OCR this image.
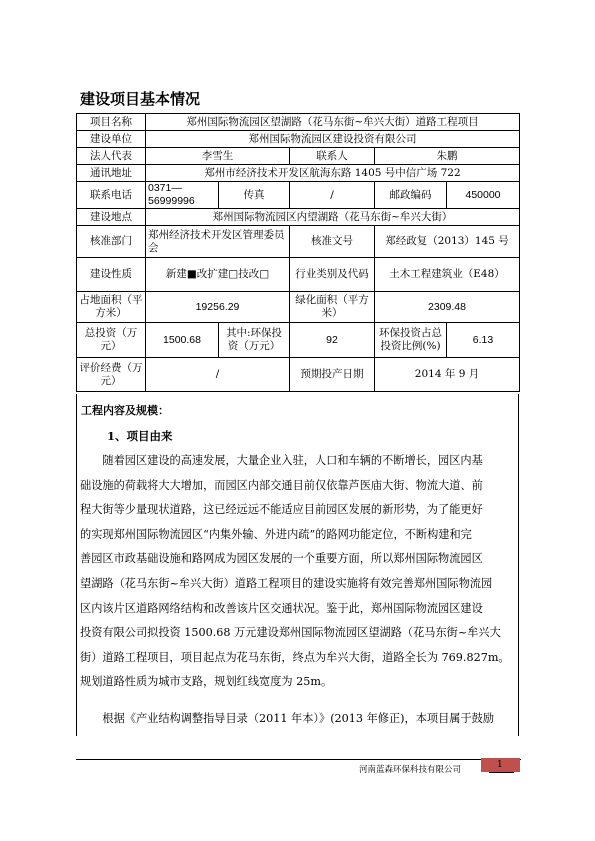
建设项目基本情况
项目名称	郑州国际物流园区望湖路（花马东街~牟兴大街）道路工程项目				
建设单位	郑州国际物流园区建设投资有限公司				
法人代表	李雪生		联系人	朱鹏	
通讯地址	郑州市经济技术开发区航海东路 1405 号中信广场 722				
联系电话	0371—56999996	传真	/	邮政编码	450000
建设地点	郑州国际物流园区内望湖路（花马东街~牟兴大街）				
核准部门	郑州经济技术开发区管理委员会		核准文号	郑经政复（2013）145 号	
建设性质	新建■改扩建□技改□		行业类别及代码	土木工程建筑业（E48）	
占地面积（平方米）	19256.29		绿化面积（平方米）	2309.48	
总投资（万元）	1500.68	其中:环保投资（万元）	92	环保投资占总投资比例(%)	6.13
评价经费（万元）	/		预期投产日期	2014 年 9 月	
工程内容及规模：
1、项目由来
随着园区建设的高速发展，大量企业入驻，人口和车辆的不断增长，园区内基
础设施的荷载将大大增加，而园区内部交通目前仅依靠芦医庙大街、物流大道、前
程大街等少量现状道路，这已经远远不能适应目前园区发展的新形势，为了能更好
的实现郑州国际物流园区“内集外输、外进内疏”的路网功能定位，不断构建和完
善园区市政基础设施和路网成为园区发展的一个重要方面，所以郑州国际物流园区
望湖路（花马东街~牟兴大街）道路工程项目的建设实施将有效完善郑州国际物流园
区内该片区道路网络结构和改善该片区交通状况。鉴于此，郑州国际物流园区建设
投资有限公司拟投资 1500.68 万元建设郑州国际物流园区望湖路（花马东街~牟兴大
街）道路工程项目，项目起点为花马东街，终点为牟兴大街，道路全长为 769.827m。
规划道路性质为城市支路，规划红线宽度为 25m。
根据《产业结构调整指导目录（2011 年本）》(2013 年修正)，本项目属于鼓励
河南蓝森环保科技有限公司	1
